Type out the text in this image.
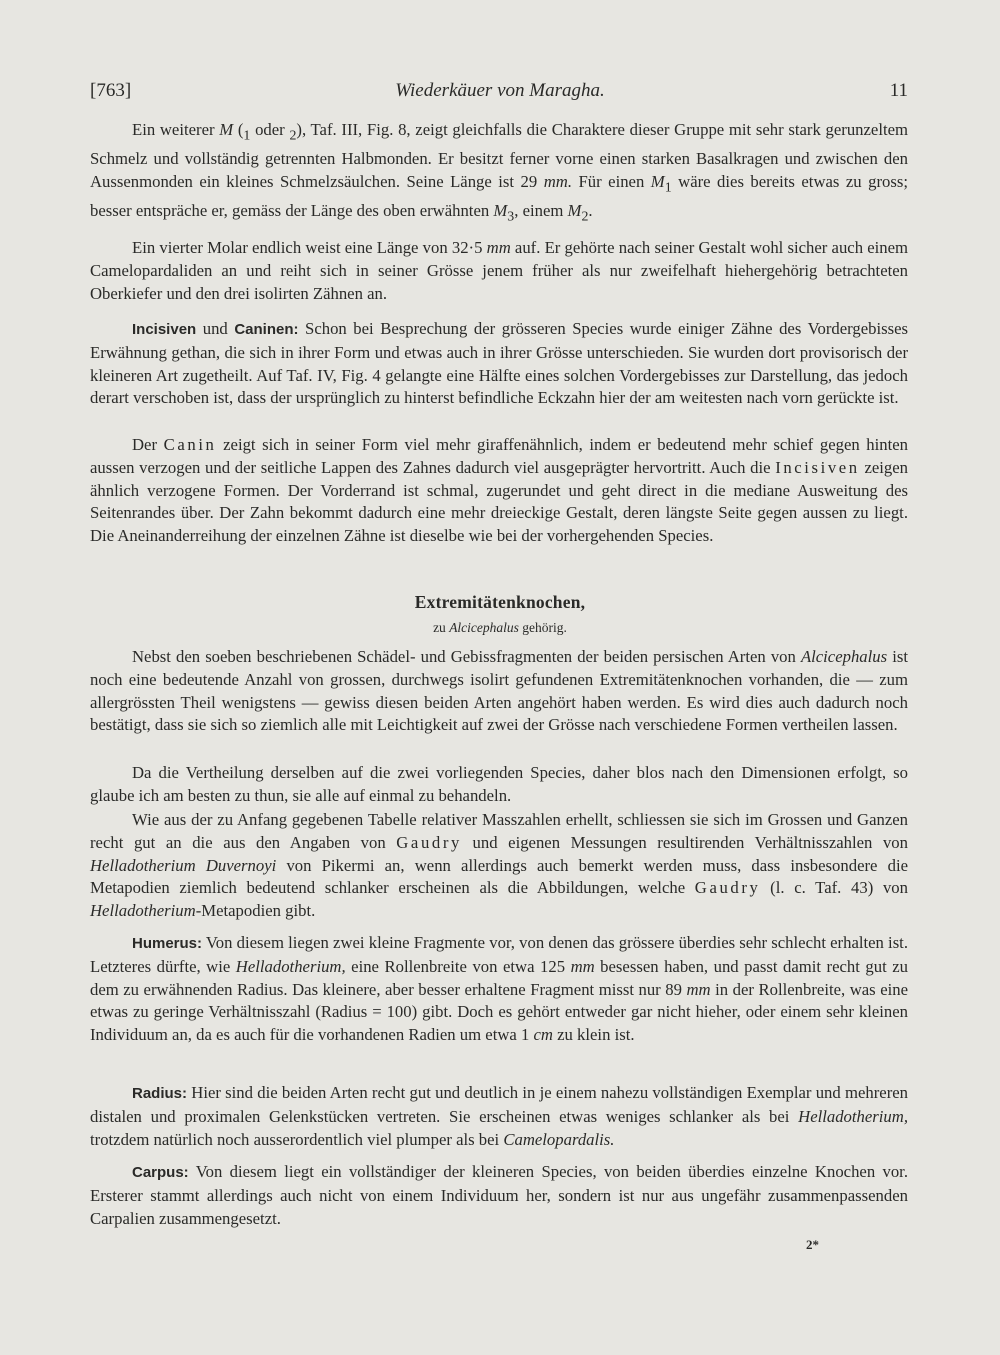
[763]	Wiederkäuer von Maragha.	11

Ein weiterer M ($_1$ oder $_2$), Taf. III, Fig. 8, zeigt gleichfalls die Charaktere dieser Gruppe mit sehr stark gerunzeltem Schmelz und vollständig getrennten Halbmonden. Er besitzt ferner vorne einen starken Basalkragen und zwischen den Aussenmonden ein kleines Schmelzsäulchen. Seine Länge ist 29 mm. Für einen $M_1$ wäre dies bereits etwas zu gross; besser entspräche er, gemäss der Länge des oben erwähnten $M_3$, einem $M_2$.

Ein vierter Molar endlich weist eine Länge von 32·5 mm auf. Er gehörte nach seiner Gestalt wohl sicher auch einem Camelopardaliden an und reiht sich in seiner Grösse jenem früher als nur zweifelhaft hiehergehörig betrachteten Oberkiefer und den drei isolirten Zähnen an.

Incisiven und Caninen: Schon bei Besprechung der grösseren Species wurde einiger Zähne des Vordergebisses Erwähnung gethan, die sich in ihrer Form und etwas auch in ihrer Grösse unterschieden. Sie wurden dort provisorisch der kleineren Art zugetheilt. Auf Taf. IV, Fig. 4 gelangte eine Hälfte eines solchen Vordergebisses zur Darstellung, das jedoch derart verschoben ist, dass der ursprünglich zu hinterst befindliche Eckzahn hier der am weitesten nach vorn gerückte ist.

Der Canin zeigt sich in seiner Form viel mehr giraffenähnlich, indem er bedeutend mehr schief gegen hinten aussen verzogen und der seitliche Lappen des Zahnes dadurch viel ausgeprägter hervortritt. Auch die Incisiven zeigen ähnlich verzogene Formen. Der Vorderrand ist schmal, zugerundet und geht direct in die mediane Ausweitung des Seitenrandes über. Der Zahn bekommt dadurch eine mehr dreieckige Gestalt, deren längste Seite gegen aussen zu liegt. Die Aneinanderreihung der einzelnen Zähne ist dieselbe wie bei der vorhergehenden Species.

Extremitätenknochen,
zu Alcicephalus gehörig.

Nebst den soeben beschriebenen Schädel- und Gebissfragmenten der beiden persischen Arten von Alcicephalus ist noch eine bedeutende Anzahl von grossen, durchwegs isolirt gefundenen Extremitätenknochen vorhanden, die — zum allergrössten Theil wenigstens — gewiss diesen beiden Arten angehört haben werden. Es wird dies auch dadurch noch bestätigt, dass sie sich so ziemlich alle mit Leichtigkeit auf zwei der Grösse nach verschiedene Formen vertheilen lassen.

Da die Vertheilung derselben auf die zwei vorliegenden Species, daher blos nach den Dimensionen erfolgt, so glaube ich am besten zu thun, sie alle auf einmal zu behandeln.

Wie aus der zu Anfang gegebenen Tabelle relativer Masszahlen erhellt, schliessen sie sich im Grossen und Ganzen recht gut an die aus den Angaben von Gaudry und eigenen Messungen resultirenden Verhältnisszahlen von Helladotherium Duvernoyi von Pikermi an, wenn allerdings auch bemerkt werden muss, dass insbesondere die Metapodien ziemlich bedeutend schlanker erscheinen als die Abbildungen, welche Gaudry (l. c. Taf. 43) von Helladotherium-Metapodien gibt.

Humerus: Von diesem liegen zwei kleine Fragmente vor, von denen das grössere überdies sehr schlecht erhalten ist. Letzteres dürfte, wie Helladotherium, eine Rollenbreite von etwa 125 mm besessen haben, und passt damit recht gut zu dem zu erwähnenden Radius. Das kleinere, aber besser erhaltene Fragment misst nur 89 mm in der Rollenbreite, was eine etwas zu geringe Verhältnisszahl (Radius = 100) gibt. Doch es gehört entweder gar nicht hieher, oder einem sehr kleinen Individuum an, da es auch für die vorhandenen Radien um etwa 1 cm zu klein ist.

Radius: Hier sind die beiden Arten recht gut und deutlich in je einem nahezu vollständigen Exemplar und mehreren distalen und proximalen Gelenkstücken vertreten. Sie erscheinen etwas weniges schlanker als bei Helladotherium, trotzdem natürlich noch ausserordentlich viel plumper als bei Camelopardalis.

Carpus: Von diesem liegt ein vollständiger der kleineren Species, von beiden überdies einzelne Knochen vor. Ersterer stammt allerdings auch nicht von einem Individuum her, sondern ist nur aus ungefähr zusammenpassenden Carpalien zusammengesetzt.

2*
